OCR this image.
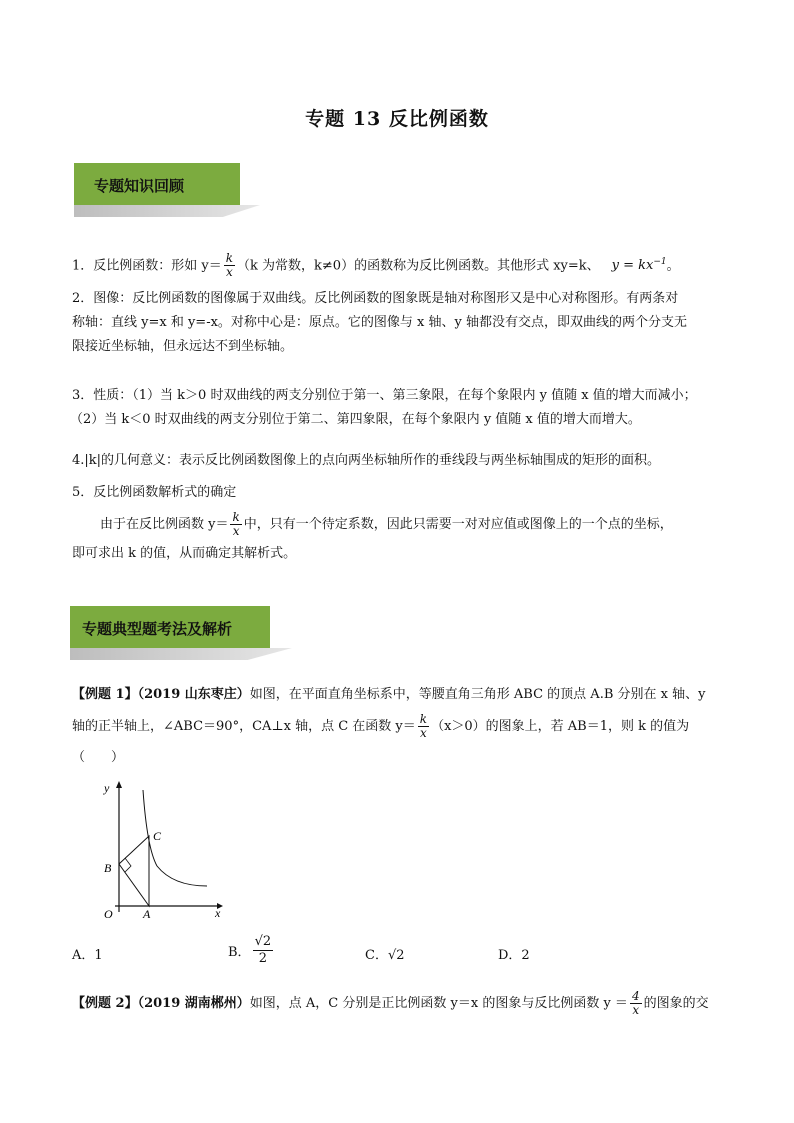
专题 13 反比例函数
专题知识回顾
1．反比例函数：形如 $y= \frac{k}{x} (k$ 为常数，k≠0）的函数称为反比例函数。其他形式 xy=k、 $y = kx^{-1}$。
2．图像：反比例函数的图像属于双曲线。反比例函数的图象既是轴对称图形又是中心对称图形。有两条对
称轴：直线 y=x 和 y=-x。对称中心是：原点。它的图像与 x 轴、y 轴都没有交点，即双曲线的两个分支无
限接近坐标轴，但永远达不到坐标轴。
3．性质：（1）当 k＞0 时双曲线的两支分别位于第一、第三象限，在每个象限内 y 值随 x 值的增大而减小；
（2）当 k＜0 时双曲线的两支分别位于第二、第四象限，在每个象限内 y 值随 x 值的增大而增大。
4.|k|的几何意义：表示反比例函数图像上的点向两坐标轴所作的垂线段与两坐标轴围成的矩形的面积。
5．反比例函数解析式的确定
由于在反比例函数 $y= \frac{k}{x}$ 中，只有一个待定系数，因此只需要一对对应值或图像上的一个点的坐标，
即可求出 k 的值，从而确定其解析式。
专题典型题考法及解析
【例题 1】（2019 山东枣庄）如图，在平面直角坐标系中，等腰直角三角形 ABC 的顶点 A.B 分别在 x 轴、y
轴的正半轴上，∠ABC＝90°，CA⊥x 轴，点 C 在函数 $y= \frac{k}{x} (x>0)$的图象上，若 AB＝1，则 k 的值为
（　　）
y
x
O	A
B
C
A．1	B． $\frac{√2}{2}$	C．√2	D．2
【例题 2】（2019 湖南郴州）如图，点 A，C 分别是正比例函数 y＝x 的图象与反比例函数 $y = \frac{4}{x}$ 的图象的交
